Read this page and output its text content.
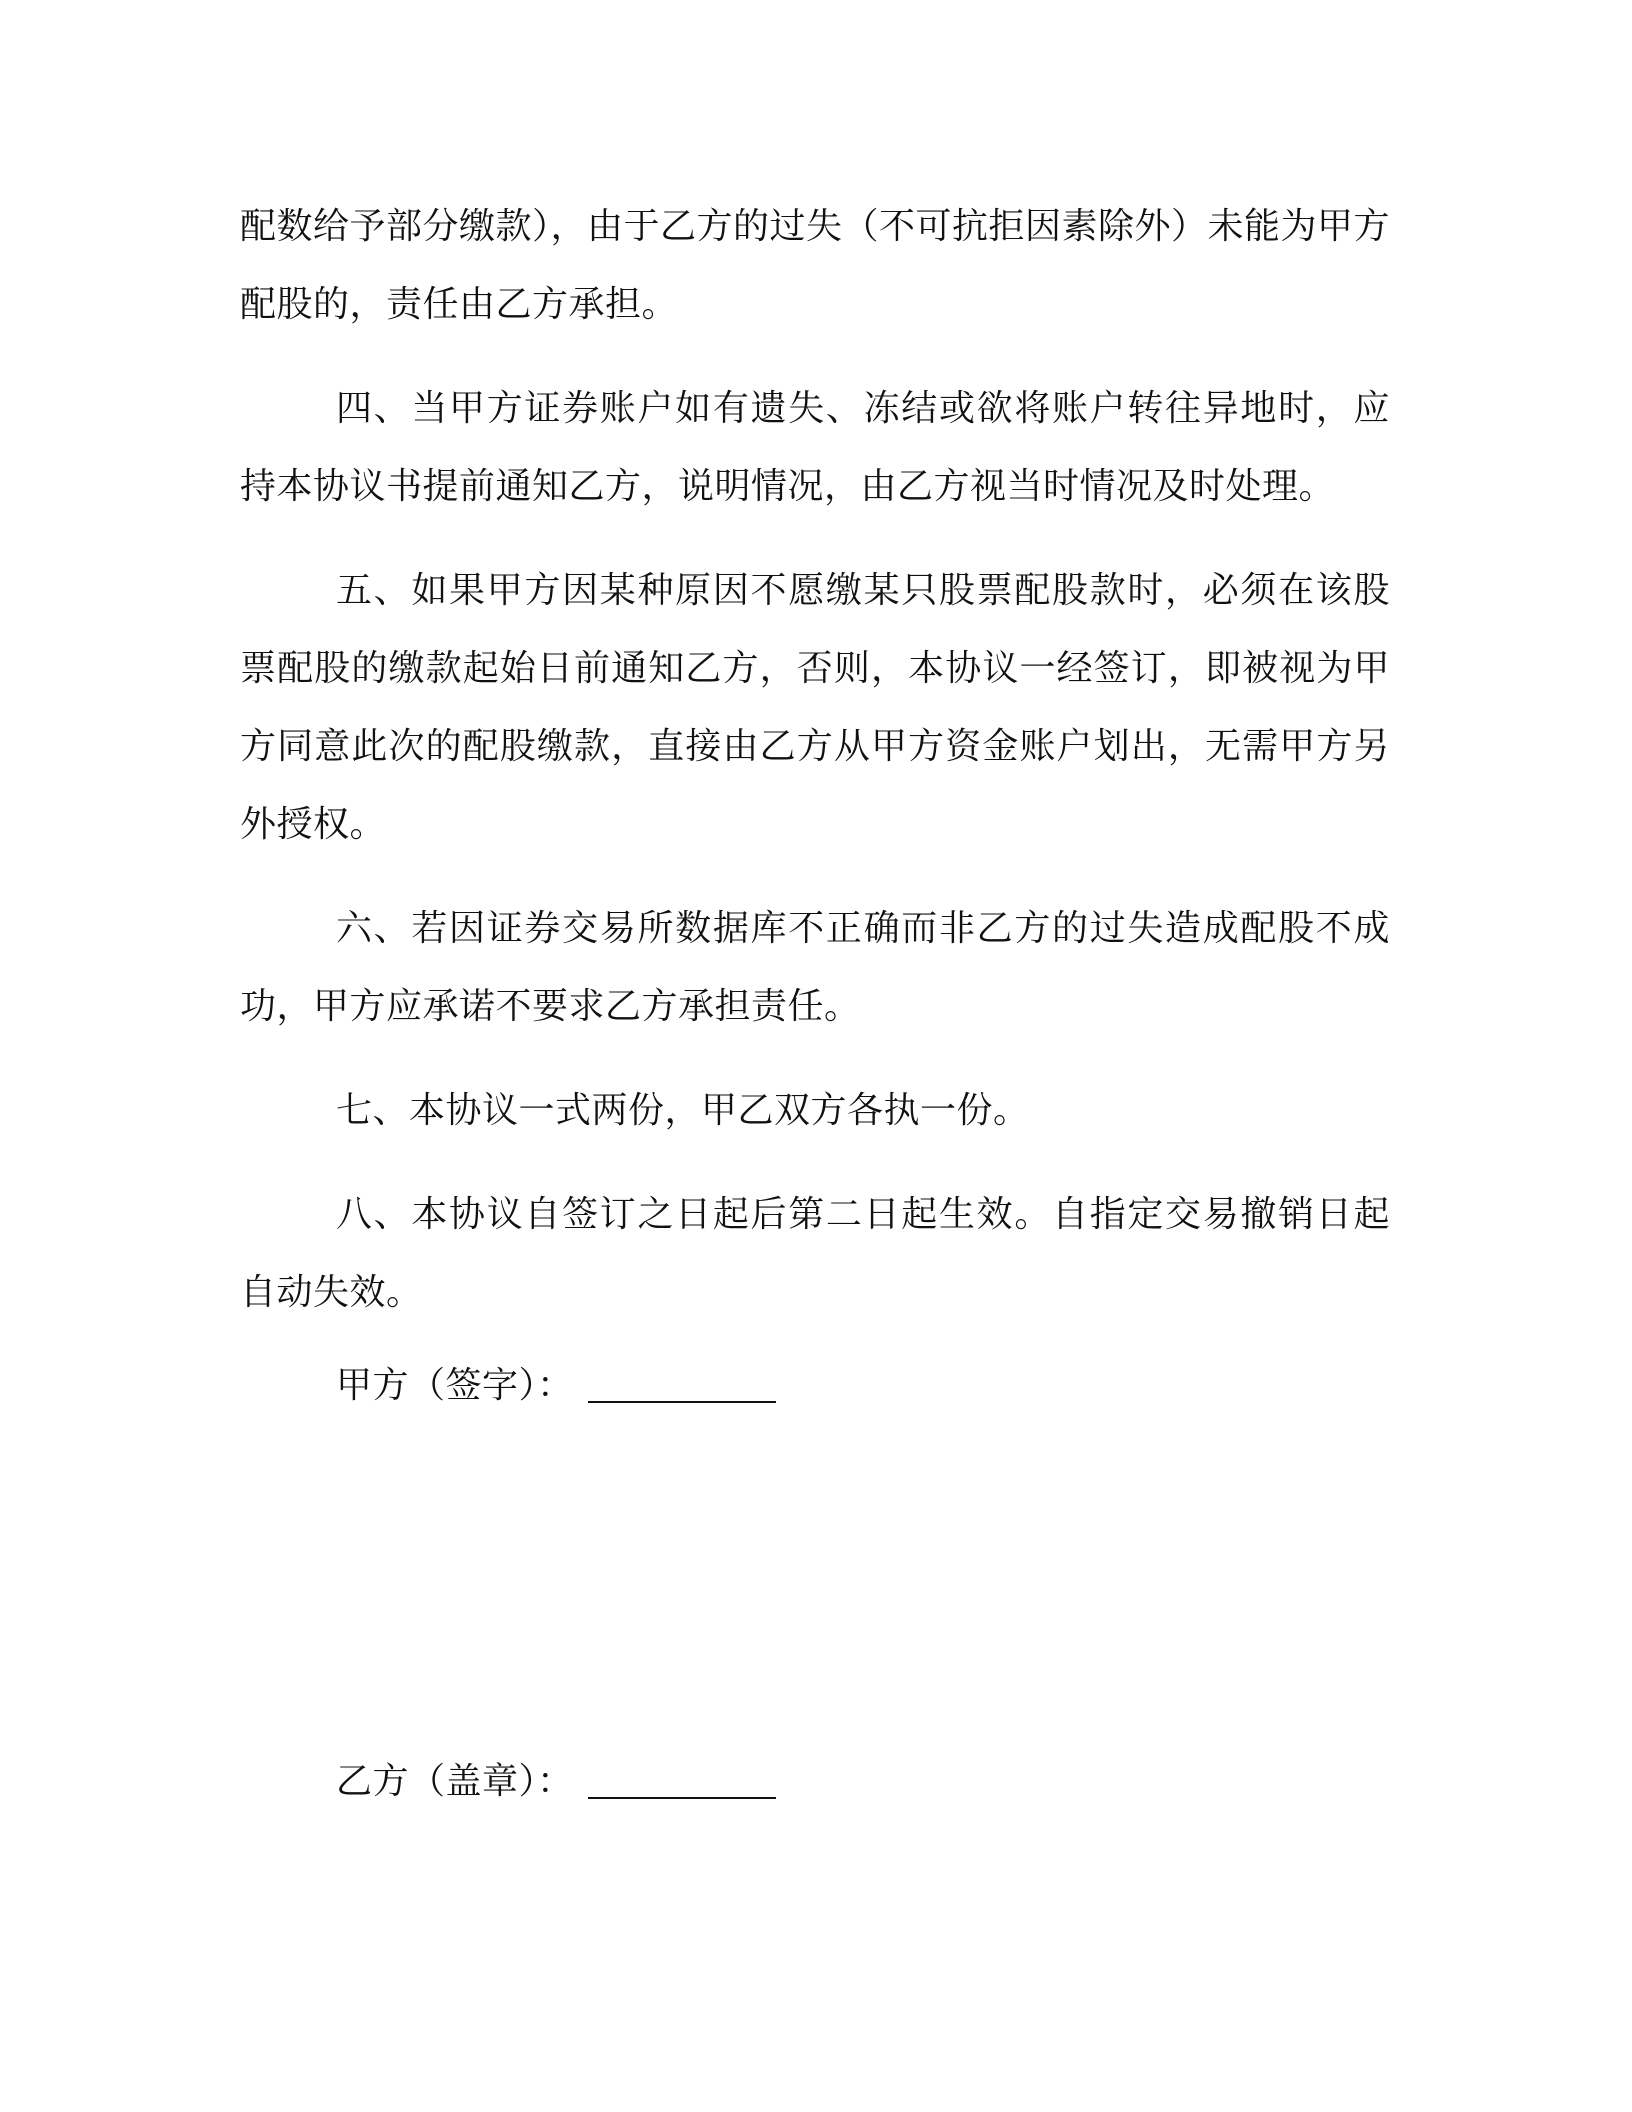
配数给予部分缴款），由于乙方的过失（不可抗拒因素除外）未能为甲方配股的，责任由乙方承担。

四、当甲方证券账户如有遗失、冻结或欲将账户转往异地时，应持本协议书提前通知乙方，说明情况，由乙方视当时情况及时处理。

五、如果甲方因某种原因不愿缴某只股票配股款时，必须在该股票配股的缴款起始日前通知乙方，否则，本协议一经签订，即被视为甲方同意此次的配股缴款，直接由乙方从甲方资金账户划出，无需甲方另外授权。

六、若因证券交易所数据库不正确而非乙方的过失造成配股不成功，甲方应承诺不要求乙方承担责任。

七、本协议一式两份，甲乙双方各执一份。

八、本协议自签订之日起后第二日起生效。自指定交易撤销日起自动失效。

甲方（签字）：
乙方（盖章）：
